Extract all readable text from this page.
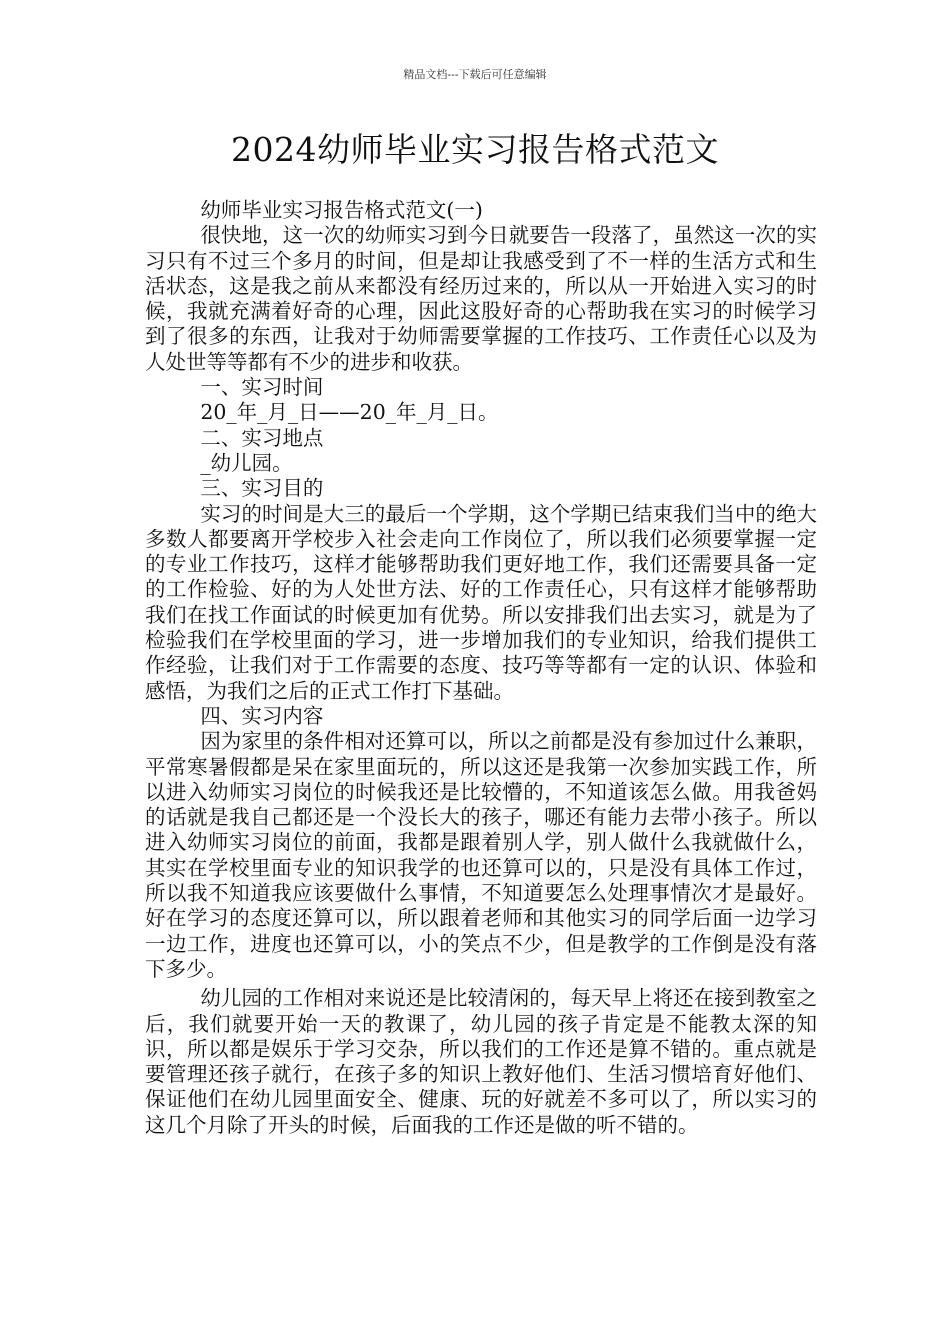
精品文档---下载后可任意编辑
2024幼师毕业实习报告格式范文

幼师毕业实习报告格式范文(一)

很快地，这一次的幼师实习到今日就要告一段落了，虽然这一次的实习只有不过三个多月的时间，但是却让我感受到了不一样的生活方式和生活状态，这是我之前从来都没有经历过来的，所以从一开始进入实习的时候，我就充满着好奇的心理，因此这股好奇的心帮助我在实习的时候学习到了很多的东西，让我对于幼师需要掌握的工作技巧、工作责任心以及为人处世等等都有不少的进步和收获。

一、实习时间

20_年_月_日——20_年_月_日。

二、实习地点

_幼儿园。

三、实习目的

实习的时间是大三的最后一个学期，这个学期已结束我们当中的绝大多数人都要离开学校步入社会走向工作岗位了，所以我们必须要掌握一定的专业工作技巧，这样才能够帮助我们更好地工作，我们还需要具备一定的工作检验、好的为人处世方法、好的工作责任心，只有这样才能够帮助我们在找工作面试的时候更加有优势。所以安排我们出去实习，就是为了检验我们在学校里面的学习，进一步增加我们的专业知识，给我们提供工作经验，让我们对于工作需要的态度、技巧等等都有一定的认识、体验和感悟，为我们之后的正式工作打下基础。

四、实习内容

因为家里的条件相对还算可以，所以之前都是没有参加过什么兼职，平常寒暑假都是呆在家里面玩的，所以这还是我第一次参加实践工作，所以进入幼师实习岗位的时候我还是比较懵的，不知道该怎么做。用我爸妈的话就是我自己都还是一个没长大的孩子，哪还有能力去带小孩子。所以进入幼师实习岗位的前面，我都是跟着别人学，别人做什么我就做什么，其实在学校里面专业的知识我学的也还算可以的，只是没有具体工作过，所以我不知道我应该要做什么事情，不知道要怎么处理事情次才是最好。好在学习的态度还算可以，所以跟着老师和其他实习的同学后面一边学习一边工作，进度也还算可以，小的笑点不少，但是教学的工作倒是没有落下多少。

幼儿园的工作相对来说还是比较清闲的，每天早上将还在接到教室之后，我们就要开始一天的教课了，幼儿园的孩子肯定是不能教太深的知识，所以都是娱乐于学习交杂，所以我们的工作还是算不错的。重点就是要管理还孩子就行，在孩子多的知识上教好他们、生活习惯培育好他们、保证他们在幼儿园里面安全、健康、玩的好就差不多可以了，所以实习的这几个月除了开头的时候，后面我的工作还是做的听不错的。
